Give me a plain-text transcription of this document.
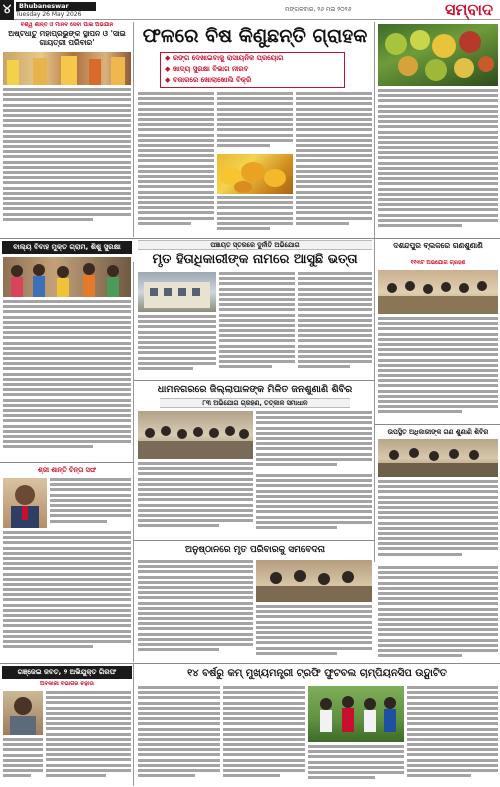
୪	Bhubaneswar
Tuesday 26 May 2026
ମଙ୍ଗଳବାର, ୨୬ ମଇ ୨୦୨୬	ସମ୍ବାଦ
ବିଶ୍ୱ ଶାନ୍ତି ଓ ମାନବ ସେବା ପାଇଁ ଅଭିଯାନ
ଅଷ୍ଟଧାତୁ ମହାପ୍ରଭୁଙ୍କ ସ୍ଥାପନ ଓ 'ସାଇ ଗାୟତ୍ରୀ ପରିବାର'	ଫଳରେ ବିଷ କିଣୁଛନ୍ତି ଗ୍ରାହକ
◆ ରଙ୍ଗ ଦେଖାଇବାକୁ ରାସାୟନିକ ପ୍ରୟୋଗ
◆ ଖାଦ୍ୟ ସୁରକ୍ଷା ବିଭାଗ ନୀରବ
◆ ବଜାରରେ ଖୋଲାଖୋଲି ବିକ୍ରି
ପଞ୍ଚାୟତ ସ୍ତରରେ ଦୁର୍ନୀତି ଅଭିଯୋଗ
ମୃତ ହିତାଧିକାରୀଙ୍କ ନାମରେ ଆସୁଛି ଭତ୍ତା
ବାଲ୍ୟ ବିବାହ ମୁକ୍ତ ଗ୍ରାମ, ଶିଶୁ ସୁରକ୍ଷା
ଧାମନଗରରେ ଜିଲ୍ଲାପାଳଙ୍କ ମିଳିତ ଜନଶୁଣାଣି ଶିବିର
୮୩ ଅଭିଯୋଗ ଗ୍ରହଣ, ତତ୍କାଳ ସମାଧାନ
ଦଶନ୍ଦପୁର ବ୍ଲକରେ ଗଣଶୁଣାଣି
୧୧୩ଟି ଅଭିଯୋଗ ଗ୍ରହଣ
ଉପସ୍ଥିତ ଅଧିକାରୀଙ୍କ ଗଣ ଶୁଣାଣି ଶିବିର
ଶ୍ରୀ ଶାନ୍ତି ଚିନ୍ତା ସଙ୍ଘ
ଅନୁଷ୍ଠାନରେ ମୃତ ପରିବାରକୁ ସମବେଦନା
ଗଞ୍ଜେଇ ଜବତ, ୨ ଅଭିଯୁକ୍ତ ଗିରଫ
ଅବକାରୀ ବିଭାଗର ଚଢ଼ାଉ
୧୪ ବର୍ଷରୁ କମ୍ ମୁଖ୍ୟମନ୍ତ୍ରୀ ଟ୍ରଫି ଫୁଟବଲ ଚାମ୍ପିୟନସିପ ଉଦ୍ଘାଟିତ
